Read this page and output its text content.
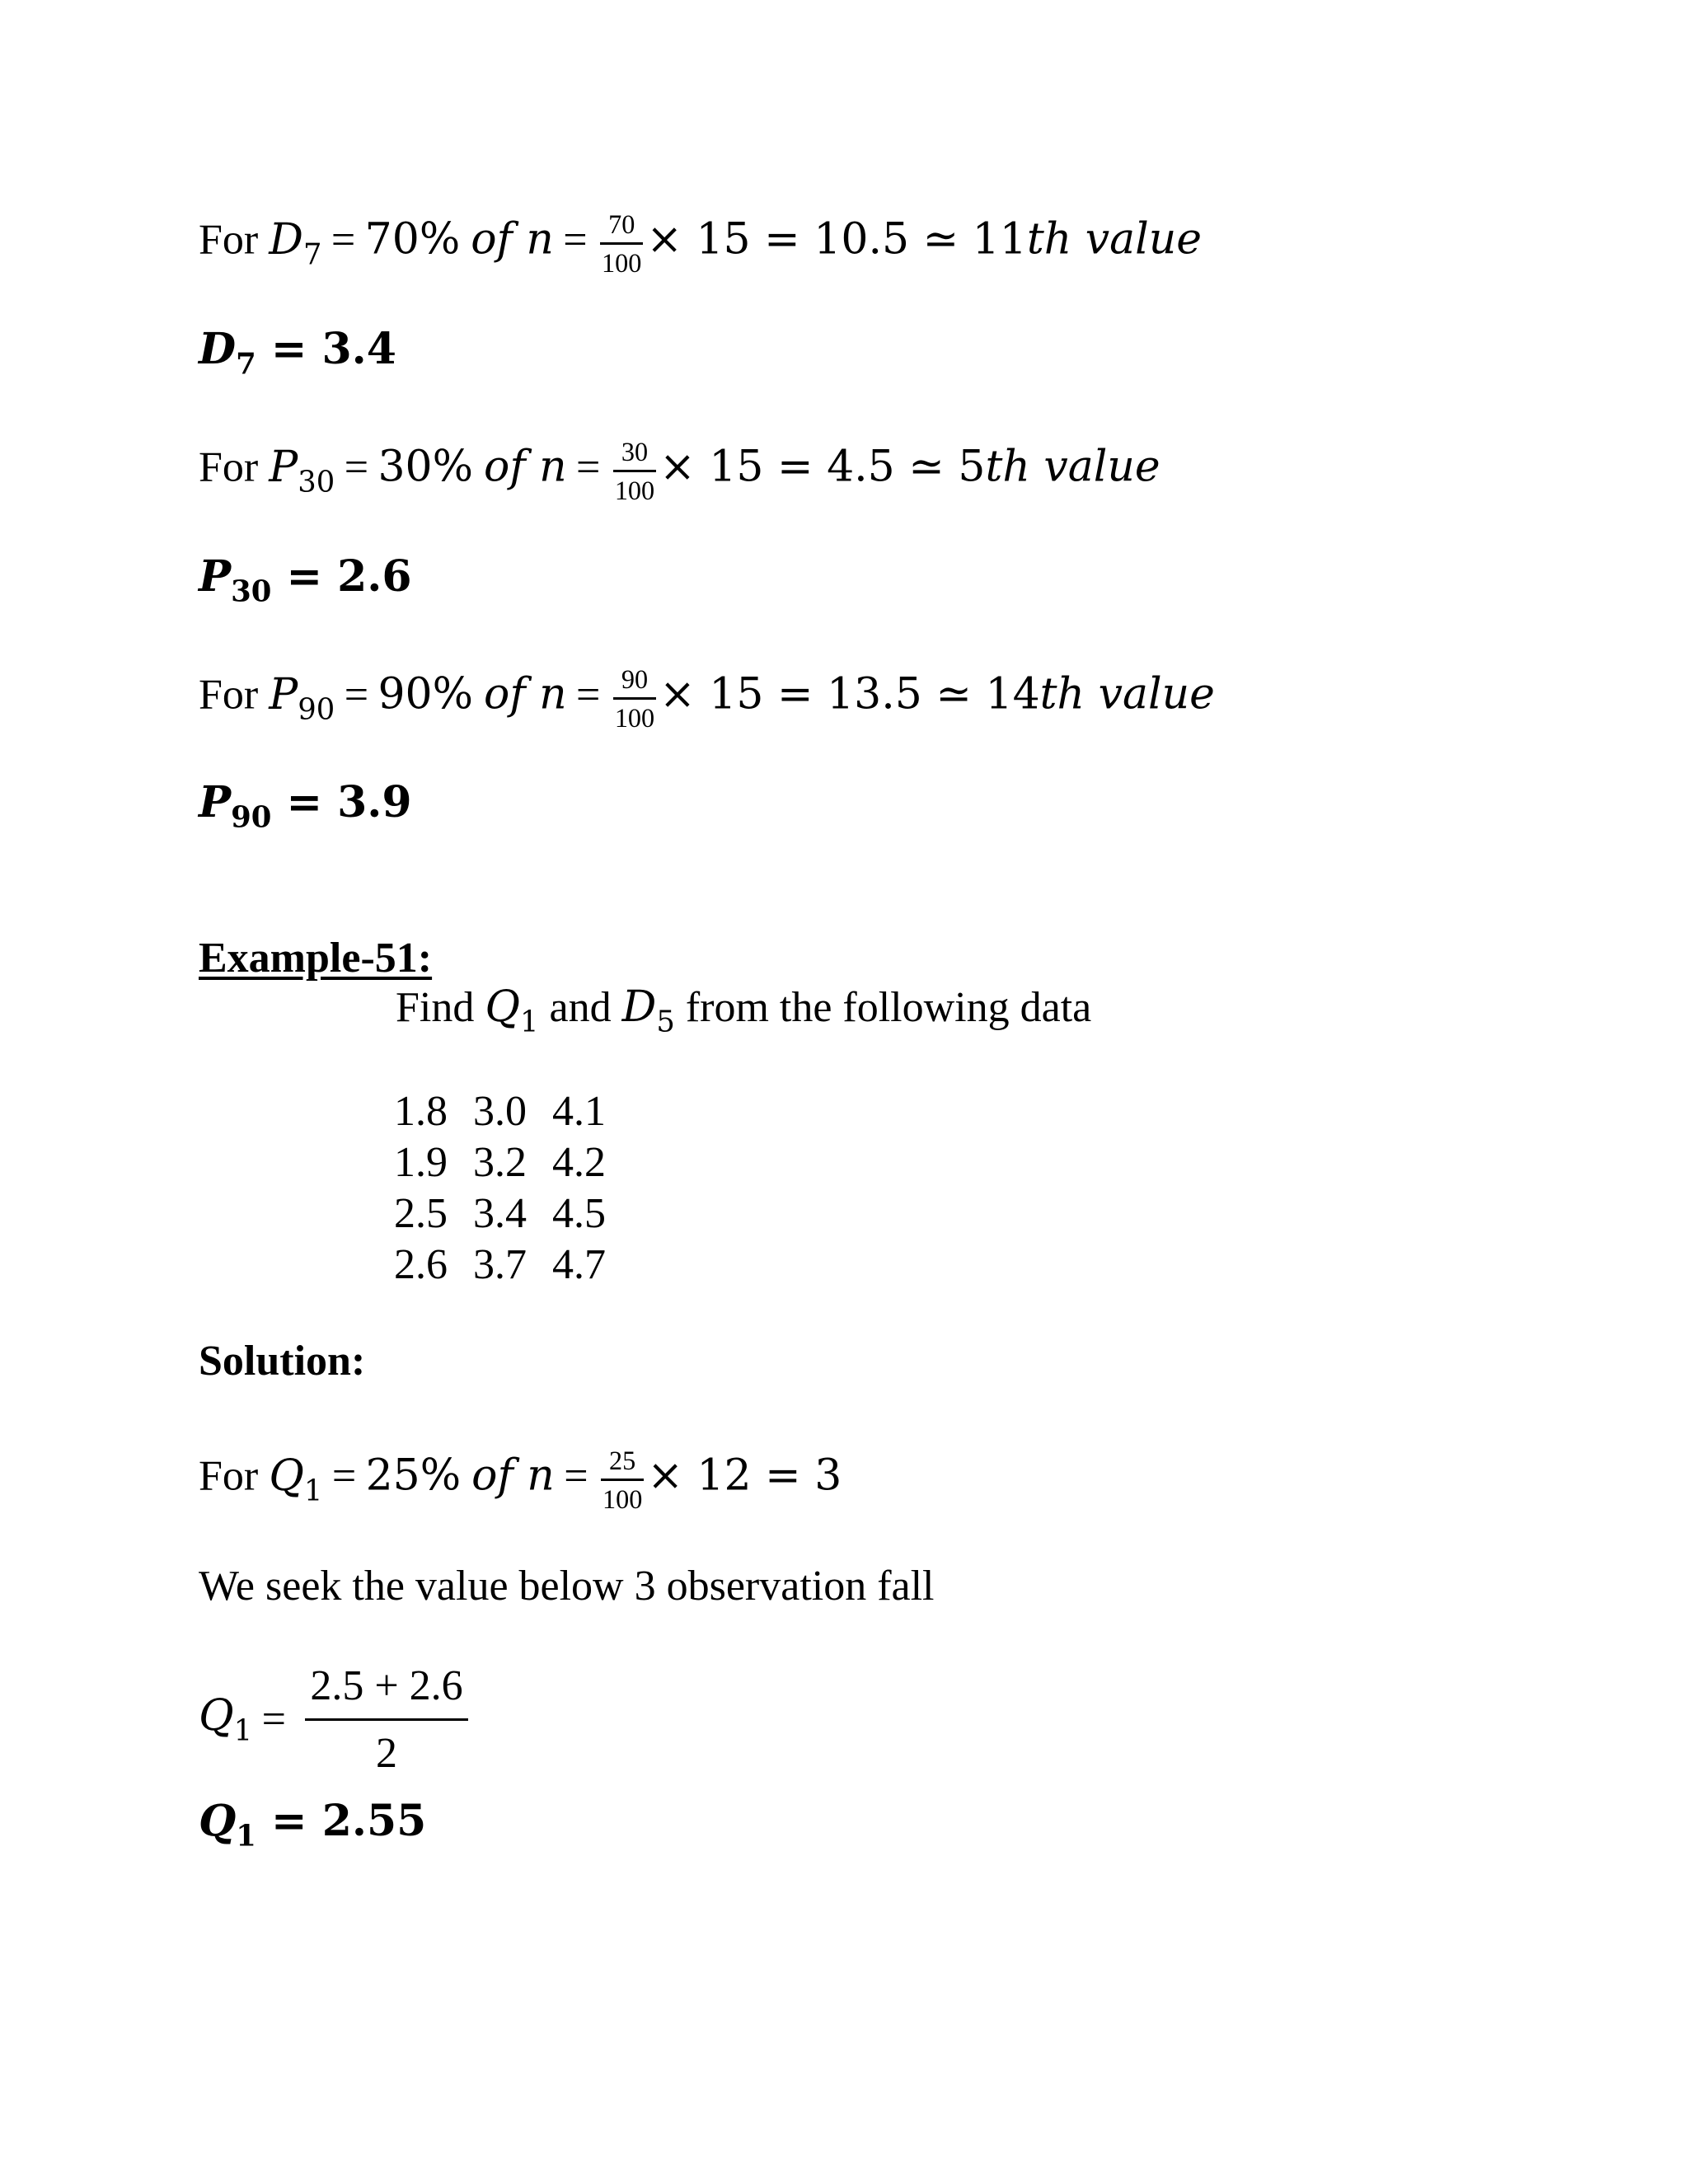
For $D_7 = 70\%$ of $n = \frac{70}{100} \times 15 = 10.5$ ≃ 11th value
$D_7 = 3.4$
For $P_{30} = 30\%$ of $n = \frac{30}{100} \times 15 = 4.5$ ≃ 5th value
$P_{30} = 2.6$
For $P_{90} = 90\%$ of $n = \frac{90}{100} \times 15 = 13.5$ ≃ 14th value
$P_{90} = 3.9$
Example-51:
Find $Q_1$ and $D_5$ from the following data
1.8	3.0	4.1
1.9	3.2	4.2
2.5	3.4	4.5
2.6	3.7	4.7
Solution:
For $Q_1 = 25\%$ of $n = \frac{25}{100} \times 12 = 3$
We seek the value below 3 observation fall
$Q_1 = \frac{2.5 + 2.6}{2}$
$Q_1 = 2.55$
